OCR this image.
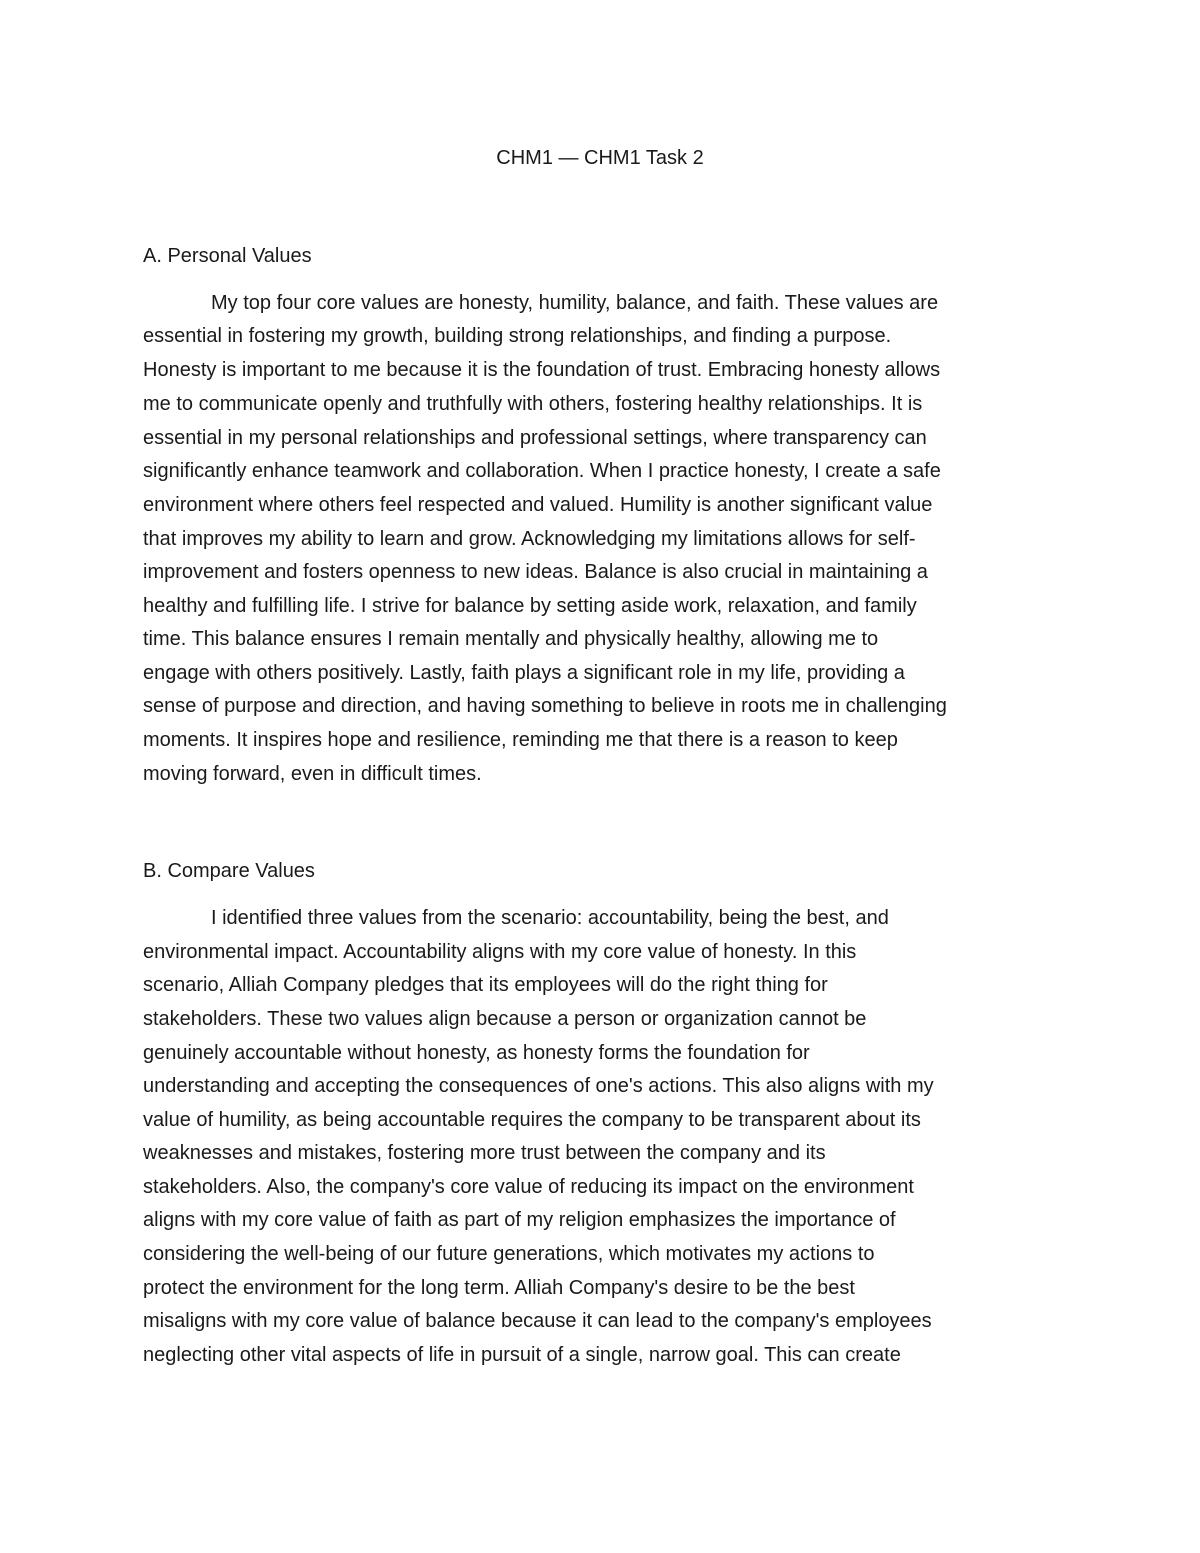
CHM1 — CHM1 Task 2
A. Personal Values
My top four core values are honesty, humility, balance, and faith. These values are
essential in fostering my growth, building strong relationships, and finding a purpose.
Honesty is important to me because it is the foundation of trust. Embracing honesty allows
me to communicate openly and truthfully with others, fostering healthy relationships. It is
essential in my personal relationships and professional settings, where transparency can
significantly enhance teamwork and collaboration. When I practice honesty, I create a safe
environment where others feel respected and valued. Humility is another significant value
that improves my ability to learn and grow. Acknowledging my limitations allows for self-
improvement and fosters openness to new ideas. Balance is also crucial in maintaining a
healthy and fulfilling life. I strive for balance by setting aside work, relaxation, and family
time. This balance ensures I remain mentally and physically healthy, allowing me to
engage with others positively. Lastly, faith plays a significant role in my life, providing a
sense of purpose and direction, and having something to believe in roots me in challenging
moments. It inspires hope and resilience, reminding me that there is a reason to keep
moving forward, even in difficult times.
B. Compare Values
I identified three values from the scenario: accountability, being the best, and
environmental impact. Accountability aligns with my core value of honesty. In this
scenario, Alliah Company pledges that its employees will do the right thing for
stakeholders. These two values align because a person or organization cannot be
genuinely accountable without honesty, as honesty forms the foundation for
understanding and accepting the consequences of one's actions. This also aligns with my
value of humility, as being accountable requires the company to be transparent about its
weaknesses and mistakes, fostering more trust between the company and its
stakeholders. Also, the company's core value of reducing its impact on the environment
aligns with my core value of faith as part of my religion emphasizes the importance of
considering the well-being of our future generations, which motivates my actions to
protect the environment for the long term. Alliah Company's desire to be the best
misaligns with my core value of balance because it can lead to the company's employees
neglecting other vital aspects of life in pursuit of a single, narrow goal. This can create
